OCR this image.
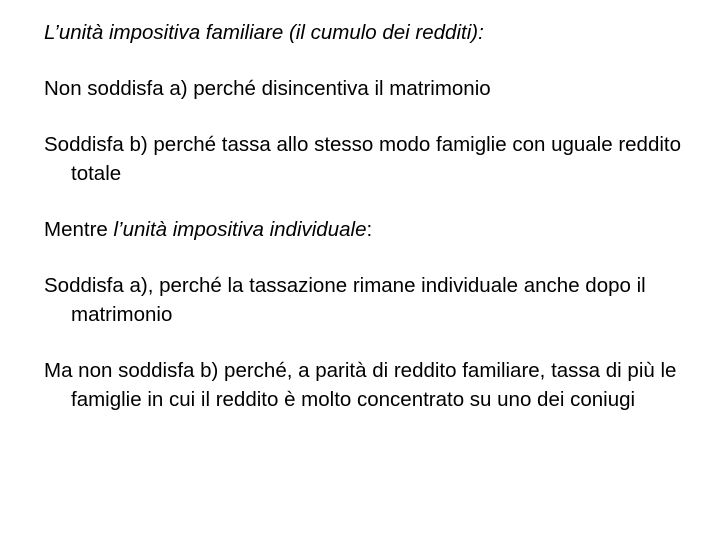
L’unità impositiva familiare (il cumulo dei redditi):

Non soddisfa a) perché disincentiva il matrimonio

Soddisfa b) perché tassa allo stesso modo famiglie con uguale reddito totale

Mentre l’unità impositiva individuale:

Soddisfa a), perché la tassazione rimane individuale anche dopo il matrimonio

Ma non soddisfa b) perché, a parità di reddito familiare, tassa di più le famiglie in cui il reddito è molto concentrato su uno dei coniugi
